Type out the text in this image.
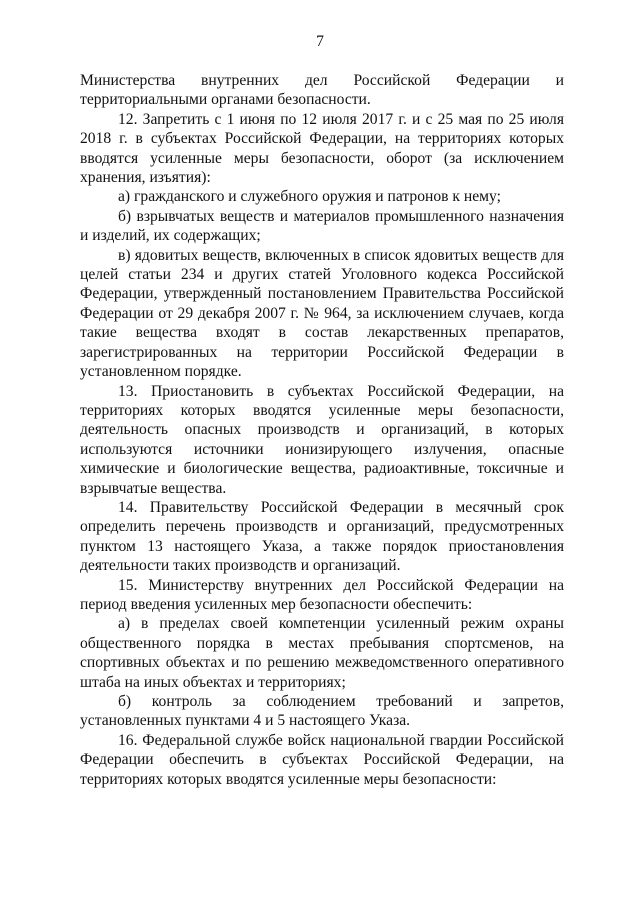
7

Министерства внутренних дел Российской Федерации и территориальными органами безопасности.

12. Запретить с 1 июня по 12 июля 2017 г. и с 25 мая по 25 июля 2018 г. в субъектах Российской Федерации, на территориях которых вводятся усиленные меры безопасности, оборот (за исключением хранения, изъятия):

а) гражданского и служебного оружия и патронов к нему;

б) взрывчатых веществ и материалов промышленного назначения и изделий, их содержащих;

в) ядовитых веществ, включенных в список ядовитых веществ для целей статьи 234 и других статей Уголовного кодекса Российской Федерации, утвержденный постановлением Правительства Российской Федерации от 29 декабря 2007 г. № 964, за исключением случаев, когда такие вещества входят в состав лекарственных препаратов, зарегистрированных на территории Российской Федерации в установленном порядке.

13. Приостановить в субъектах Российской Федерации, на территориях которых вводятся усиленные меры безопасности, деятельность опасных производств и организаций, в которых используются источники ионизирующего излучения, опасные химические и биологические вещества, радиоактивные, токсичные и взрывчатые вещества.

14. Правительству Российской Федерации в месячный срок определить перечень производств и организаций, предусмотренных пунктом 13 настоящего Указа, а также порядок приостановления деятельности таких производств и организаций.

15. Министерству внутренних дел Российской Федерации на период введения усиленных мер безопасности обеспечить:

а) в пределах своей компетенции усиленный режим охраны общественного порядка в местах пребывания спортсменов, на спортивных объектах и по решению межведомственного оперативного штаба на иных объектах и территориях;

б) контроль за соблюдением требований и запретов, установленных пунктами 4 и 5 настоящего Указа.

16. Федеральной службе войск национальной гвардии Российской Федерации обеспечить в субъектах Российской Федерации, на территориях которых вводятся усиленные меры безопасности:
